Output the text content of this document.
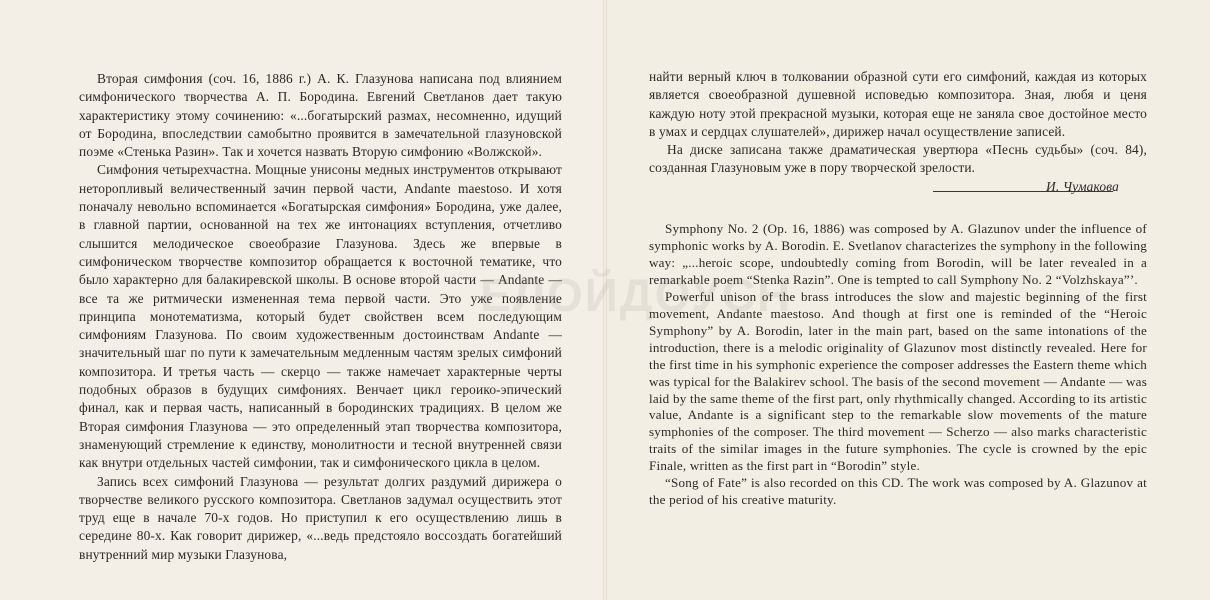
Вторая симфония (соч. 16, 1886 г.) А. К. Глазунова написана под влиянием симфонического творчества А. П. Бородина. Евгений Светланов дает такую характеристику этому сочинению: «...богатырский размах, несомненно, идущий от Бородина, впоследствии самобытно проявится в замечательной глазуновской поэме «Стенька Разин». Так и хочется назвать Вторую симфонию «Волжской».

Симфония четырехчастна. Мощные унисоны медных инструментов открывают неторопливый величественный зачин первой части, Andante maestoso. И хотя поначалу невольно вспоминается «Богатырская симфония» Бородина, уже далее, в главной партии, основанной на тех же интонациях вступления, отчетливо слышится мелодическое своеобразие Глазунова. Здесь же впервые в симфоническом творчестве композитор обращается к восточной тематике, что было характерно для балакиревской школы. В основе второй части — Andante — все та же ритмически измененная тема первой части. Это уже появление принципа монотематизма, который будет свойствен всем последующим симфониям Глазунова. По своим художественным достоинствам Andante — значительный шаг по пути к замечательным медленным частям зрелых симфоний композитора. И третья часть — скерцо — также намечает характерные черты подобных образов в будущих симфониях. Венчает цикл героико-эпический финал, как и первая часть, написанный в бородинских традициях. В целом же Вторая симфония Глазунова — это определенный этап творчества композитора, знаменующий стремление к единству, монолитности и тесной внутренней связи как внутри отдельных частей симфонии, так и симфонического цикла в целом.

Запись всех симфоний Глазунова — результат долгих раздумий дирижера о творчестве великого русского композитора. Светланов задумал осуществить этот труд еще в начале 70-х годов. Но приступил к его осуществлению лишь в середине 80-х. Как говорит дирижер, «...ведь предстояло воссоздать богатейший внутренний мир музыки Глазунова,

найти верный ключ в толковании образной сути его симфоний, каждая из которых является своеобразной душевной исповедью композитора. Зная, любя и ценя каждую ноту этой прекрасной музыки, которая еще не заняла свое достойное место в умах и сердцах слушателей», дирижер начал осуществление записей.

На диске записана также драматическая увертюра «Песнь судьбы» (соч. 84), созданная Глазуновым уже в пору творческой зрелости.

И. Чумакова

Symphony No. 2 (Op. 16, 1886) was composed by A. Glazunov under the influence of symphonic works by A. Borodin. E. Svetlanov characterizes the symphony in the following way: „...heroic scope, undoubtedly coming from Borodin, will be later revealed in a remarkable poem “Stenka Razin”. One is tempted to call Symphony No. 2 “Volzhskaya”’.

Powerful unison of the brass introduces the slow and majestic beginning of the first movement, Andante maestoso. And though at first one is reminded of the “Heroic Symphony” by A. Borodin, later in the main part, based on the same intonations of the introduction, there is a melodic originality of Glazunov most distinctly revealed. Here for the first time in his symphonic experience the composer addresses the Eastern theme which was typical for the Balakirev school. The basis of the second movement — Andante — was laid by the same theme of the first part, only rhythmically changed. According to its artistic value, Andante is a significant step to the remarkable slow movements of the mature symphonies of the composer. The third movement — Scherzo — also marks characteristic traits of the similar images in the future symphonies. The cycle is crowned by the epic Finale, written as the first part in “Borodin” style.

“Song of Fate” is also recorded on this CD. The work was composed by A. Glazunov at the period of his creative maturity.
